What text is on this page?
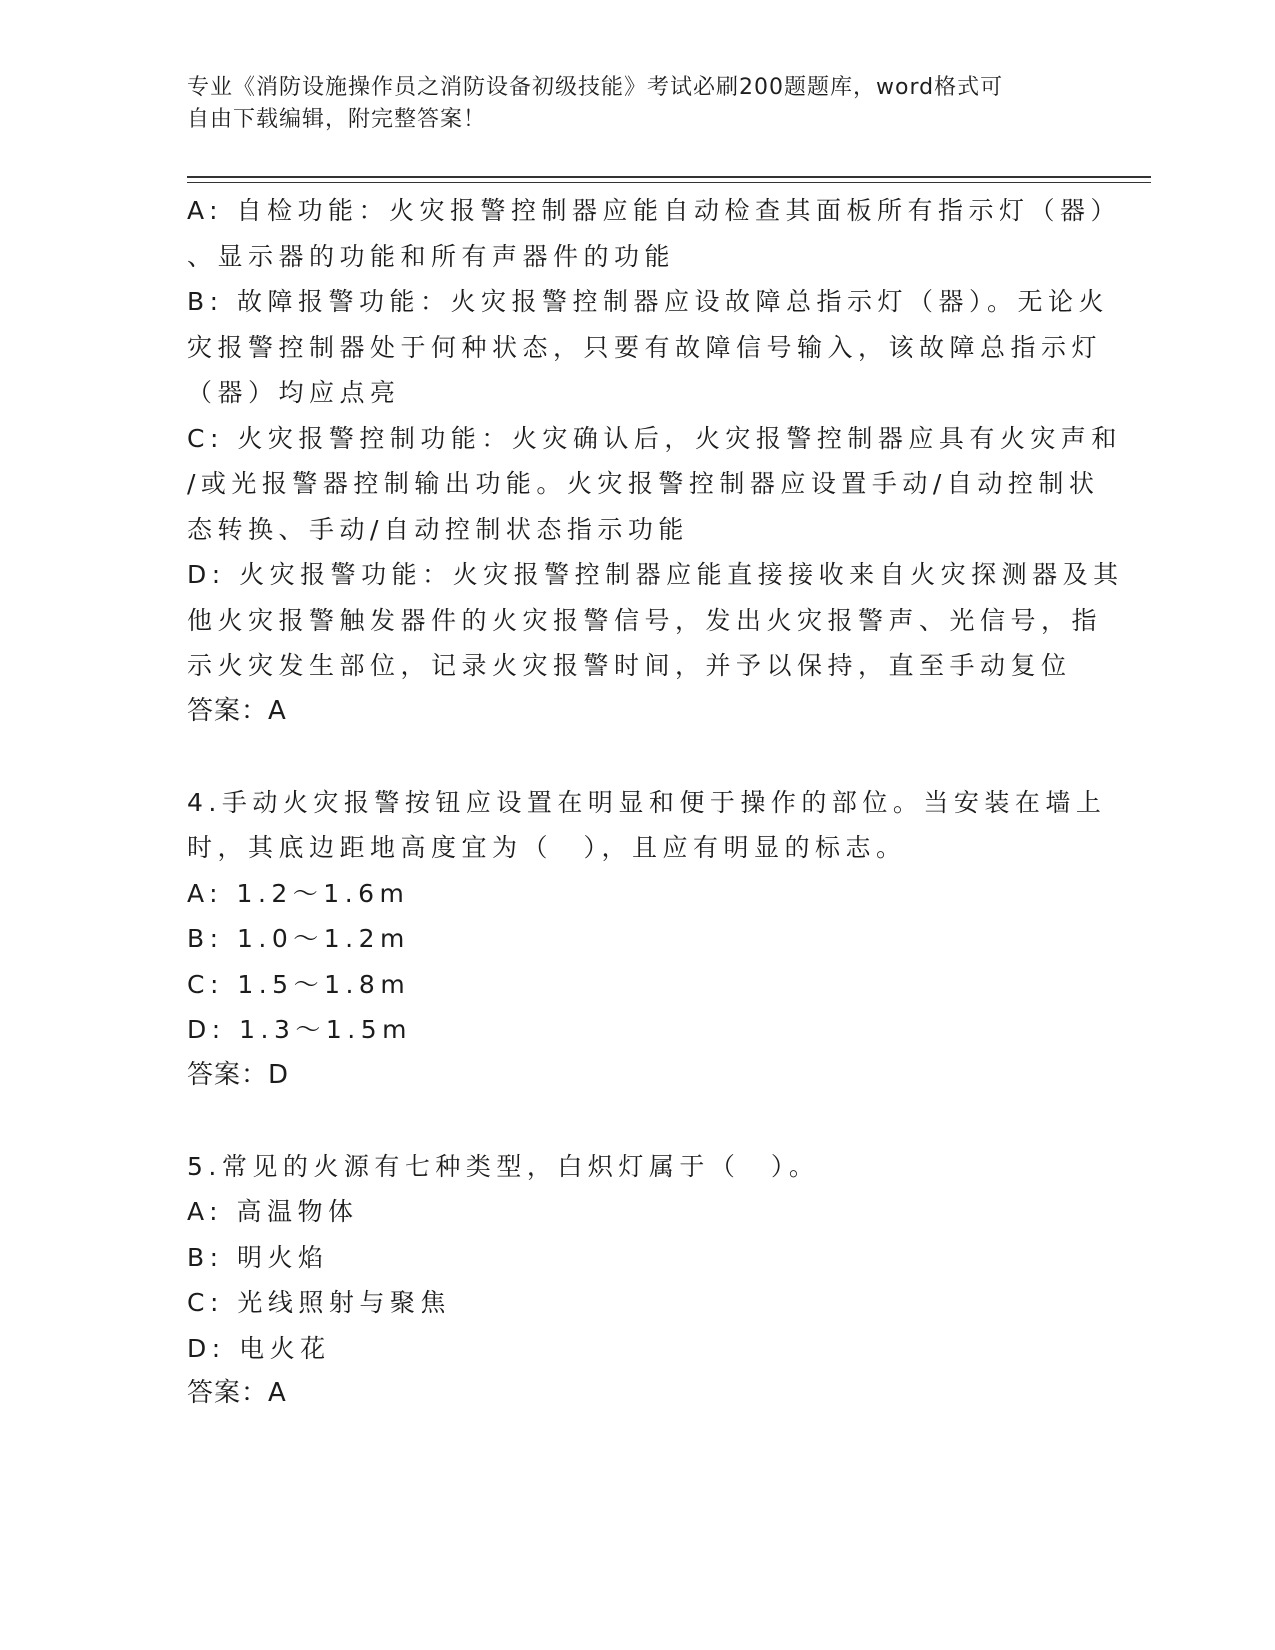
专业《消防设施操作员之消防设备初级技能》考试必刷200题题库，word格式可
自由下载编辑，附完整答案！
A: 自检功能：火灾报警控制器应能自动检查其面板所有指示灯（器）
、显示器的功能和所有声器件的功能
B: 故障报警功能：火灾报警控制器应设故障总指示灯（器）。无论火
灾报警控制器处于何种状态，只要有故障信号输入，该故障总指示灯
（器）均应点亮
C: 火灾报警控制功能：火灾确认后，火灾报警控制器应具有火灾声和
/或光报警器控制输出功能。火灾报警控制器应设置手动/自动控制状
态转换、手动/自动控制状态指示功能
D: 火灾报警功能：火灾报警控制器应能直接接收来自火灾探测器及其
他火灾报警触发器件的火灾报警信号，发出火灾报警声、光信号，指
示火灾发生部位，记录火灾报警时间，并予以保持，直至手动复位
答案：A
4.手动火灾报警按钮应设置在明显和便于操作的部位。当安装在墙上
时，其底边距地高度宜为（　），且应有明显的标志。
A: 1.2～1.6m
B: 1.0～1.2m
C: 1.5～1.8m
D: 1.3～1.5m
答案：D
5.常见的火源有七种类型，白炽灯属于（　）。
A: 高温物体
B: 明火焰
C: 光线照射与聚焦
D: 电火花
答案：A
